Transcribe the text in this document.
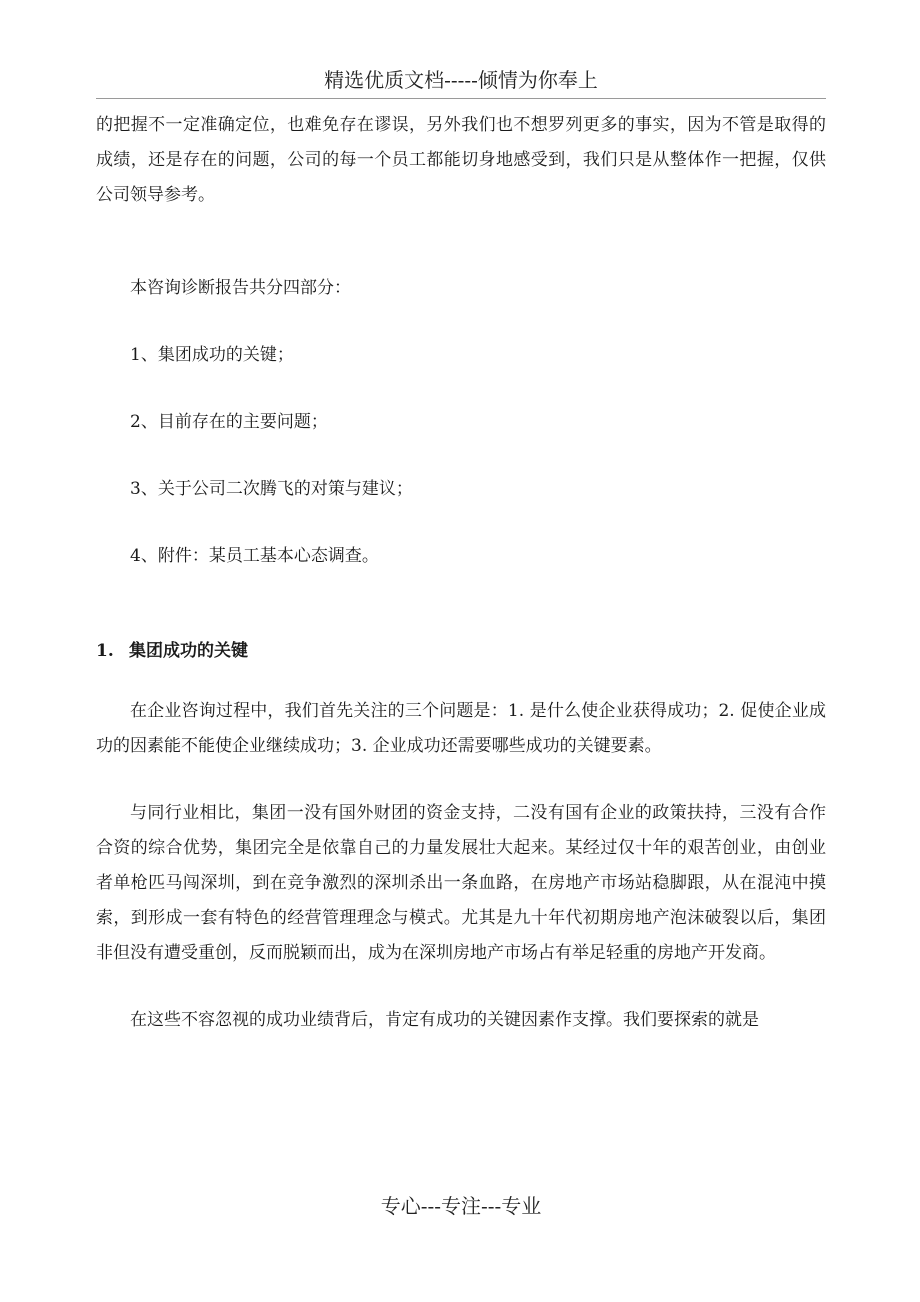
精选优质文档-----倾情为你奉上

的把握不一定准确定位，也难免存在谬误，另外我们也不想罗列更多的事实，因为不管是取得的成绩，还是存在的问题，公司的每一个员工都能切身地感受到，我们只是从整体作一把握，仅供公司领导参考。

本咨询诊断报告共分四部分：

1、集团成功的关键；

2、目前存在的主要问题；

3、关于公司二次腾飞的对策与建议；

4、附件：某员工基本心态调查。

1. 集团成功的关键

在企业咨询过程中，我们首先关注的三个问题是：1. 是什么使企业获得成功；2. 促使企业成功的因素能不能使企业继续成功；3. 企业成功还需要哪些成功的关键要素。

与同行业相比，集团一没有国外财团的资金支持，二没有国有企业的政策扶持，三没有合作合资的综合优势，集团完全是依靠自己的力量发展壮大起来。某经过仅十年的艰苦创业，由创业者单枪匹马闯深圳，到在竞争激烈的深圳杀出一条血路，在房地产市场站稳脚跟，从在混沌中摸索，到形成一套有特色的经营管理理念与模式。尤其是九十年代初期房地产泡沫破裂以后，集团非但没有遭受重创，反而脱颖而出，成为在深圳房地产市场占有举足轻重的房地产开发商。

在这些不容忽视的成功业绩背后，肯定有成功的关键因素作支撑。我们要探索的就是

专心---专注---专业
